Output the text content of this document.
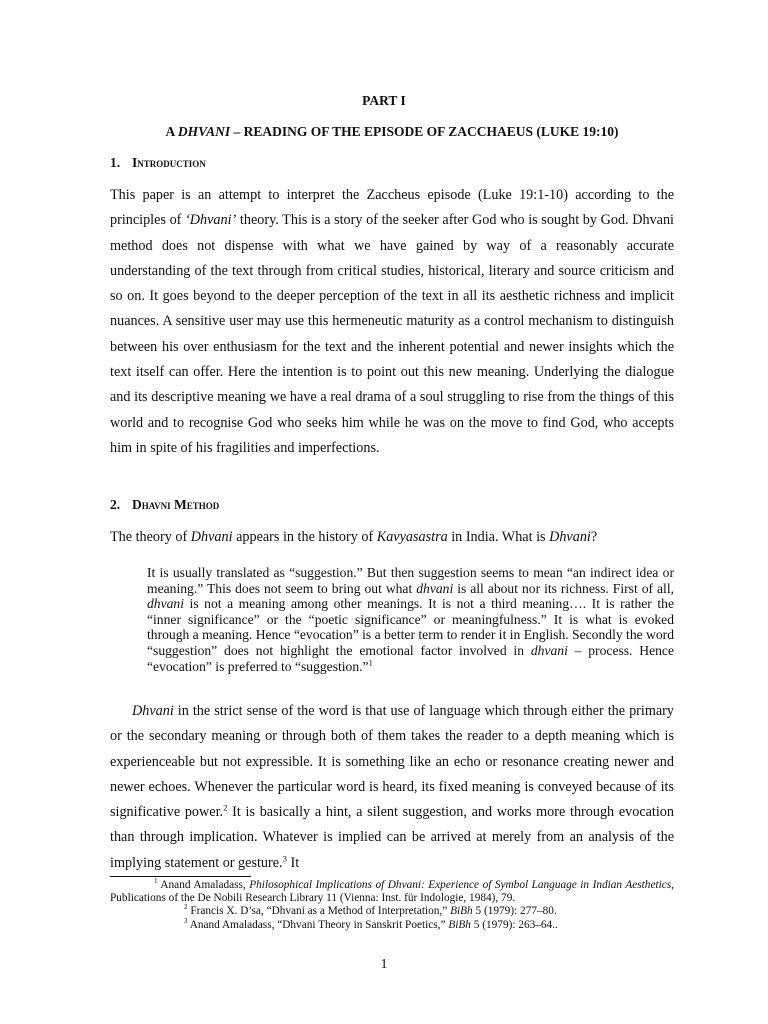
PART I
A DHVANI – READING OF THE EPISODE OF ZACCHAEUS (LUKE 19:10)
1. Introduction

This paper is an attempt to interpret the Zaccheus episode (Luke 19:1-10) according to the principles of ‘Dhvani’ theory. This is a story of the seeker after God who is sought by God. Dhvani method does not dispense with what we have gained by way of a reasonably accurate understanding of the text through from critical studies, historical, literary and source criticism and so on. It goes beyond to the deeper perception of the text in all its aesthetic richness and implicit nuances. A sensitive user may use this hermeneutic maturity as a control mechanism to distinguish between his over enthusiasm for the text and the inherent potential and newer insights which the text itself can offer. Here the intention is to point out this new meaning. Underlying the dialogue and its descriptive meaning we have a real drama of a soul struggling to rise from the things of this world and to recognise God who seeks him while he was on the move to find God, who accepts him in spite of his fragilities and imperfections.

2. Dhavni Method

The theory of Dhvani appears in the history of Kavyasastra in India. What is Dhvani?

It is usually translated as “suggestion.” But then suggestion seems to mean “an indirect idea or meaning.” This does not seem to bring out what dhvani is all about nor its richness. First of all, dhvani is not a meaning among other meanings. It is not a third meaning…. It is rather the “inner significance” or the “poetic significance” or meaningfulness.” It is what is evoked through a meaning. Hence “evocation” is a better term to render it in English. Secondly the word “suggestion” does not highlight the emotional factor involved in dhvani – process. Hence “evocation” is preferred to “suggestion.”$^1$

Dhvani in the strict sense of the word is that use of language which through either the primary or the secondary meaning or through both of them takes the reader to a depth meaning which is experienceable but not expressible. It is something like an echo or resonance creating newer and newer echoes. Whenever the particular word is heard, its fixed meaning is conveyed because of its significative power.$^2$ It is basically a hint, a silent suggestion, and works more through evocation than through implication. Whatever is implied can be arrived at merely from an analysis of the implying statement or gesture.$^3$ It

$^1$ Anand Amaladass, Philosophical Implications of Dhvani: Experience of Symbol Language in Indian Aesthetics, Publications of the De Nobili Research Library 11 (Vienna: Inst. für Indologie, 1984), 79.

$^2$ Francis X. D’sa, “Dhvani as a Method of Interpretation,” BiBh 5 (1979): 277–80.

$^3$ Anand Amaladass, “Dhvani Theory in Sanskrit Poetics,” BiBh 5 (1979): 263–64..

1
